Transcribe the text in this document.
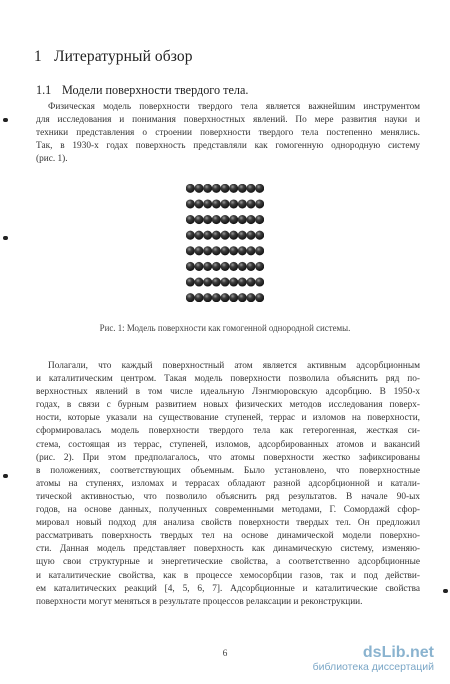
1 Литературный обзор
1.1 Модели поверхности твердого тела.
Физическая модель поверхности твердого тела является важнейшим инструментом
для исследования и понимания поверхностных явлений. По мере развития науки и
техники представления о строении поверхности твердого тела постепенно менялись.
Так, в 1930-х годах поверхность представляли как гомогенную однородную систему
(рис. 1).
Рис. 1: Модель поверхности как гомогенной однородной системы.
Полагали, что каждый поверхностный атом является активным адсорбционным
и каталитическим центром. Такая модель поверхности позволила объяснить ряд по-
верхностных явлений в том числе идеальную Лэнгмюровскую адсорбцию. В 1950-х
годах, в связи с бурным развитием новых физических методов исследования поверх-
ности, которые указали на существование ступеней, террас и изломов на поверхности,
сформировалась модель поверхности твердого тела как гетерогенная, жесткая си-
стема, состоящая из террас, ступеней, изломов, адсорбированных атомов и вакансий
(рис. 2). При этом предполагалось, что атомы поверхности жестко зафиксированы
в положениях, соответствующих объемным. Было установлено, что поверхностные
атомы на ступенях, изломах и террасах обладают разной адсорбционной и катали-
тической активностью, что позволило объяснить ряд результатов. В начале 90-ых
годов, на основе данных, полученных современными методами, Г. Сомордажй сфор-
мировал новый подход для анализа свойств поверхности твердых тел. Он предложил
рассматривать поверхность твердых тел на основе динамической модели поверхно-
сти. Данная модель представляет поверхность как динамическую систему, изменяю-
щую свои структурные и энергетические свойства, а соответственно адсорбционные
и каталитические свойства, как в процессе хемосорбции газов, так и под действи-
ем каталитических реакций [4, 5, 6, 7]. Адсорбционные и каталитические свойства
поверхности могут меняться в результате процессов релаксации и реконструкции.
6	dsLib.net
библиотека диссертаций
